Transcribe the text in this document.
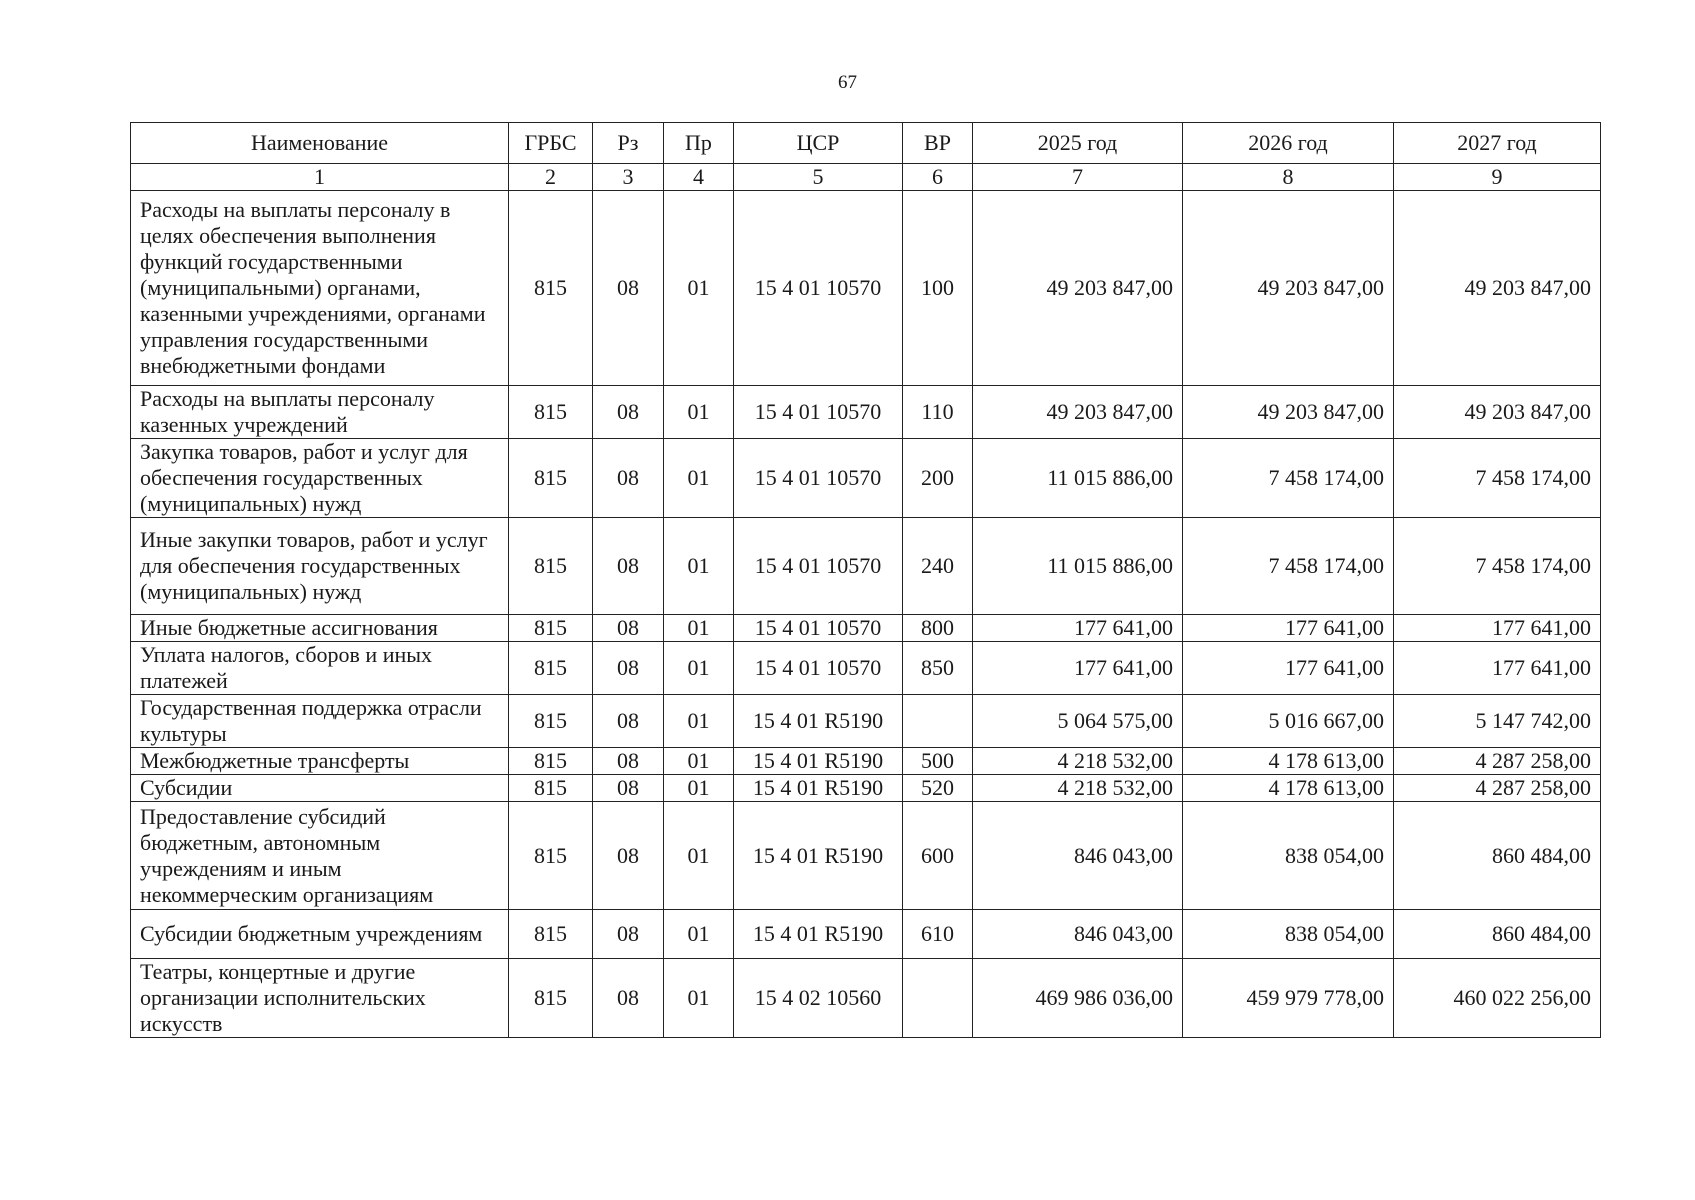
67
Наименование	ГРБС	Рз	Пр	ЦСР	ВР	2025 год	2026 год	2027 год
1	2	3	4	5	6	7	8	9
Расходы на выплаты персоналу в целях обеспечения выполнения функций государственными (муниципальными) органами, казенными учреждениями, органами управления государственными внебюджетными фондами	815	08	01	15 4 01 10570	100	49 203 847,00	49 203 847,00	49 203 847,00
Расходы на выплаты персоналу казенных учреждений	815	08	01	15 4 01 10570	110	49 203 847,00	49 203 847,00	49 203 847,00
Закупка товаров, работ и услуг для обеспечения государственных (муниципальных) нужд	815	08	01	15 4 01 10570	200	11 015 886,00	7 458 174,00	7 458 174,00
Иные закупки товаров, работ и услуг для обеспечения государственных (муниципальных) нужд	815	08	01	15 4 01 10570	240	11 015 886,00	7 458 174,00	7 458 174,00
Иные бюджетные ассигнования	815	08	01	15 4 01 10570	800	177 641,00	177 641,00	177 641,00
Уплата налогов, сборов и иных платежей	815	08	01	15 4 01 10570	850	177 641,00	177 641,00	177 641,00
Государственная поддержка отрасли культуры	815	08	01	15 4 01 R5190		5 064 575,00	5 016 667,00	5 147 742,00
Межбюджетные трансферты	815	08	01	15 4 01 R5190	500	4 218 532,00	4 178 613,00	4 287 258,00
Субсидии	815	08	01	15 4 01 R5190	520	4 218 532,00	4 178 613,00	4 287 258,00
Предоставление субсидий бюджетным, автономным учреждениям и иным некоммерческим организациям	815	08	01	15 4 01 R5190	600	846 043,00	838 054,00	860 484,00
Субсидии бюджетным учреждениям	815	08	01	15 4 01 R5190	610	846 043,00	838 054,00	860 484,00
Театры, концертные и другие организации исполнительских искусств	815	08	01	15 4 02 10560		469 986 036,00	459 979 778,00	460 022 256,00
